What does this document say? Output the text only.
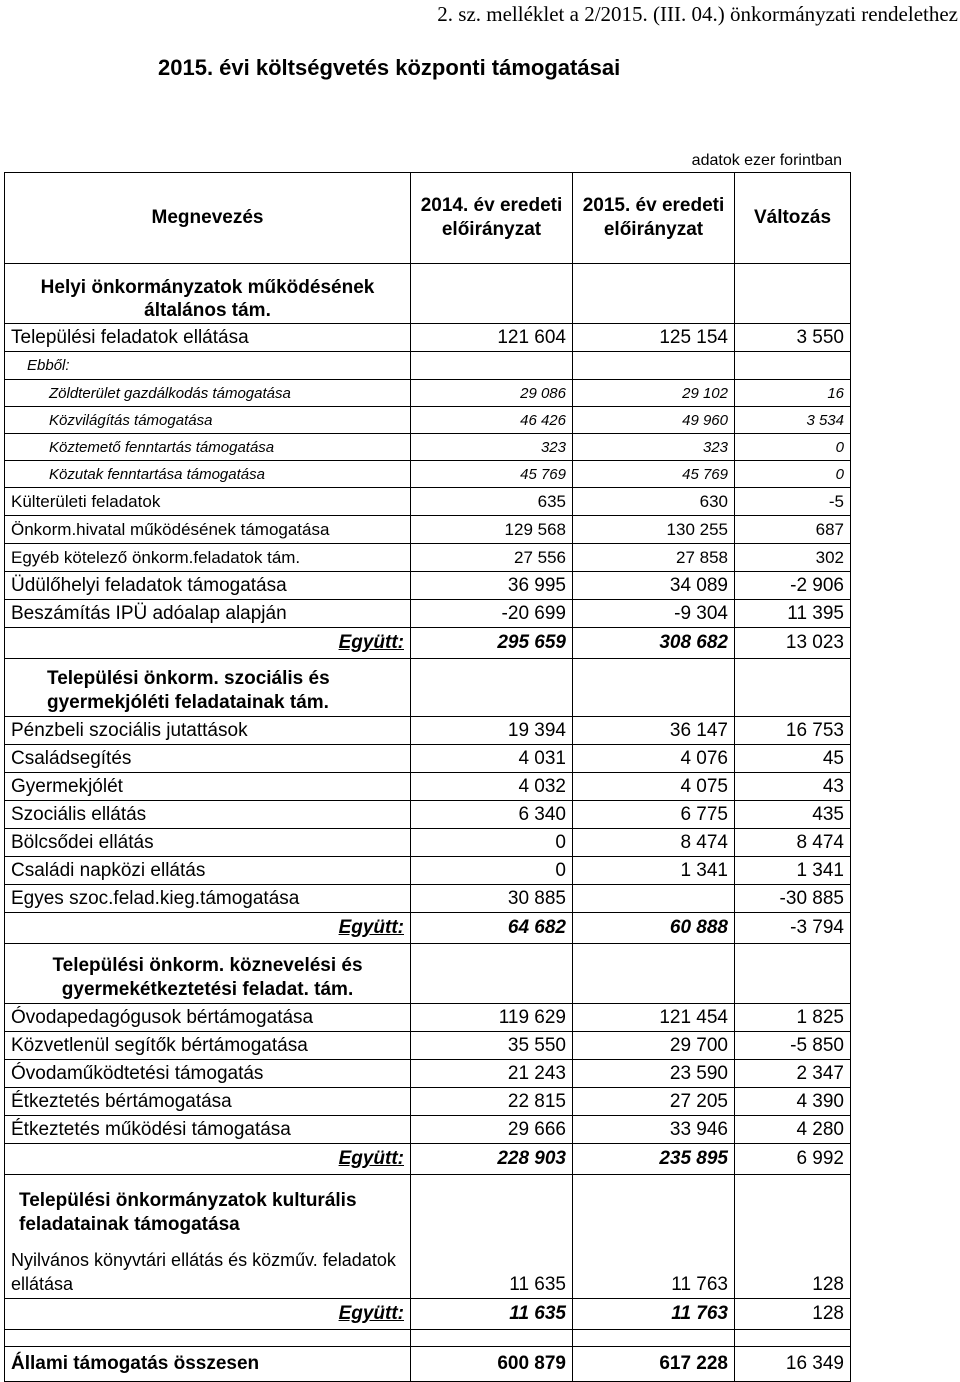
2. sz. melléklet a 2/2015. (III. 04.) önkormányzati rendelethez
2015. évi költségvetés központi támogatásai
adatok ezer forintban
Megnevezés	2014. év eredeti előirányzat	2015. év eredeti előirányzat	Változás
Helyi önkormányzatok működésének általános tám.			
Települési feladatok ellátása	121 604	125 154	3 550
Ebből:			
Zöldterület gazdálkodás támogatása	29 086	29 102	16
Közvilágítás támogatása	46 426	49 960	3 534
Köztemető fenntartás támogatása	323	323	0
Közutak fenntartása támogatása	45 769	45 769	0
Külterületi feladatok	635	630	-5
Önkorm.hivatal működésének támogatása	129 568	130 255	687
Egyéb kötelező önkorm.feladatok tám.	27 556	27 858	302
Üdülőhelyi feladatok támogatása	36 995	34 089	-2 906
Beszámítás IPÜ adóalap alapján	-20 699	-9 304	11 395
Együtt:	295 659	308 682	13 023
Települési önkorm. szociális és gyermekjóléti feladatainak tám.			
Pénzbeli szociális jutattások	19 394	36 147	16 753
Családsegítés	4 031	4 076	45
Gyermekjólét	4 032	4 075	43
Szociális ellátás	6 340	6 775	435
Bölcsődei ellátás	0	8 474	8 474
Családi napközi ellátás	0	1 341	1 341
Egyes szoc.felad.kieg.támogatása	30 885		-30 885
Együtt:	64 682	60 888	-3 794
Települési önkorm. köznevelési és gyermekétkeztetési feladat. tám.			
Óvodapedagógusok bértámogatása	119 629	121 454	1 825
Közvetlenül segítők bértámogatása	35 550	29 700	-5 850
Óvodaműködtetési támogatás	21 243	23 590	2 347
Étkeztetés bértámogatása	22 815	27 205	4 390
Étkeztetés működési támogatása	29 666	33 946	4 280
Együtt:	228 903	235 895	6 992
Települési önkormányzatok kulturális feladatainak támogatása			
Nyilvános könyvtári ellátás és közműv. feladatok ellátása	11 635	11 763	128
Együtt:	11 635	11 763	128

Állami támogatás összesen	600 879	617 228	16 349
